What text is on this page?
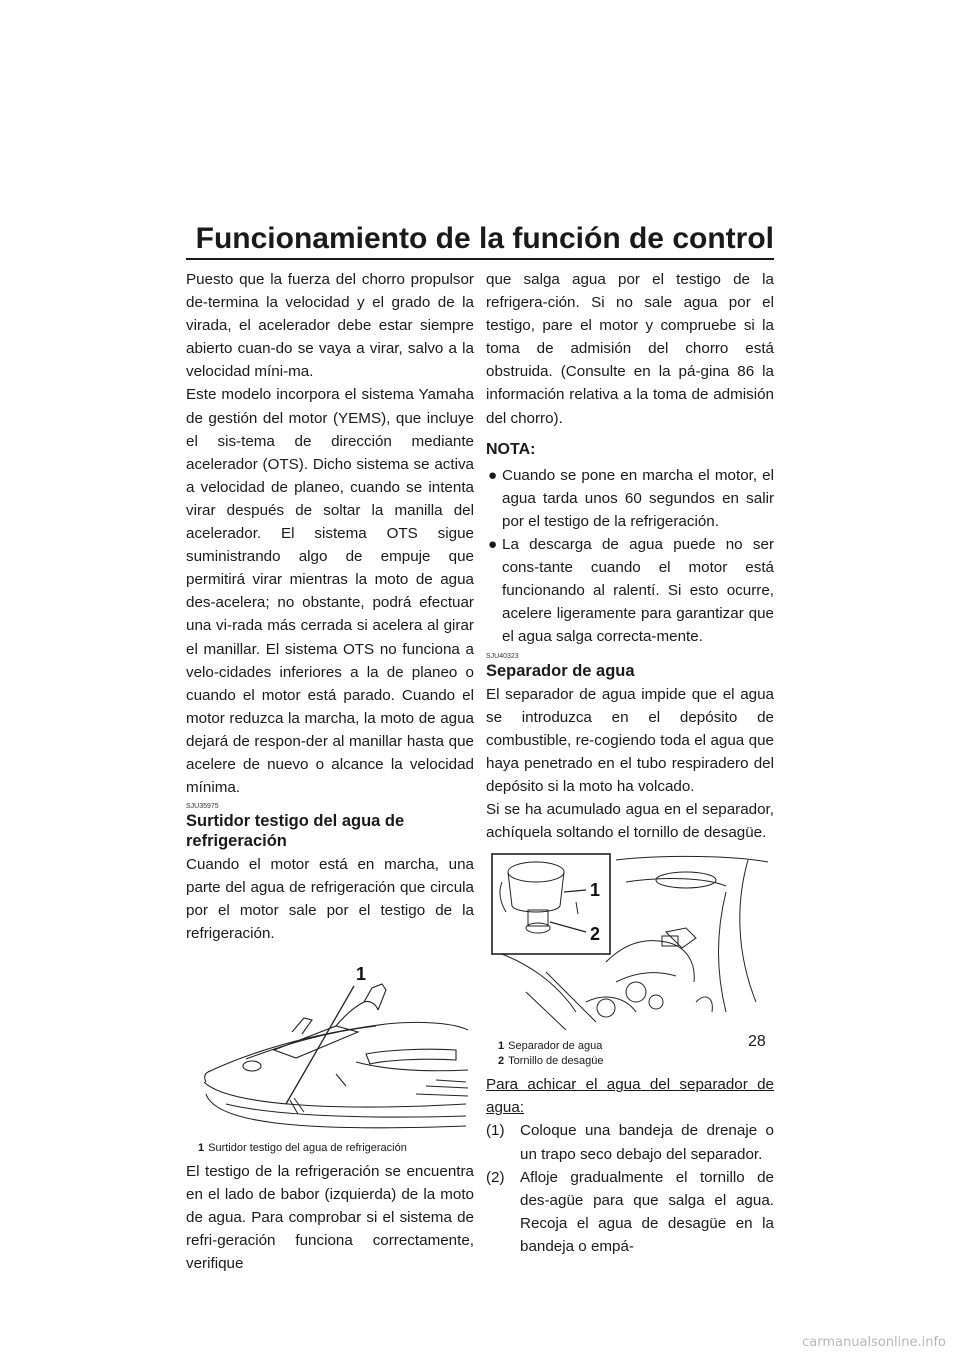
Funcionamiento de la función de control

Puesto que la fuerza del chorro propulsor de-termina la velocidad y el grado de la virada, el acelerador debe estar siempre abierto cuan-do se vaya a virar, salvo a la velocidad míni-ma.

Este modelo incorpora el sistema Yamaha de gestión del motor (YEMS), que incluye el sis-tema de dirección mediante acelerador (OTS). Dicho sistema se activa a velocidad de planeo, cuando se intenta virar después de soltar la manilla del acelerador. El sistema OTS sigue suministrando algo de empuje que permitirá virar mientras la moto de agua des-acelera; no obstante, podrá efectuar una vi-rada más cerrada si acelera al girar el manillar. El sistema OTS no funciona a velo-cidades inferiores a la de planeo o cuando el motor está parado. Cuando el motor reduzca la marcha, la moto de agua dejará de respon-der al manillar hasta que acelere de nuevo o alcance la velocidad mínima.

SJU35975
Surtidor testigo del agua de refrigeración

Cuando el motor está en marcha, una parte del agua de refrigeración que circula por el motor sale por el testigo de la refrigeración.

1
1 Surtidor testigo del agua de refrigeración

El testigo de la refrigeración se encuentra en el lado de babor (izquierda) de la moto de agua. Para comprobar si el sistema de refri-geración funciona correctamente, verifique

que salga agua por el testigo de la refrigera-ción. Si no sale agua por el testigo, pare el motor y compruebe si la toma de admisión del chorro está obstruida. (Consulte en la pá-gina 86 la información relativa a la toma de admisión del chorro).

NOTA:
● Cuando se pone en marcha el motor, el agua tarda unos 60 segundos en salir por el testigo de la refrigeración.
● La descarga de agua puede no ser cons-tante cuando el motor está funcionando al ralentí. Si esto ocurre, acelere ligeramente para garantizar que el agua salga correcta-mente.
SJU40323
Separador de agua

El separador de agua impide que el agua se introduzca en el depósito de combustible, re-cogiendo toda el agua que haya penetrado en el tubo respiradero del depósito si la moto ha volcado.

Si se ha acumulado agua en el separador, achíquela soltando el tornillo de desagüe.

1
2
1 Separador de agua
2 Tornillo de desagüe

Para achicar el agua del separador de agua:

(1) Coloque una bandeja de drenaje o un trapo seco debajo del separador.
(2) Afloje gradualmente el tornillo de des-agüe para que salga el agua. Recoja el agua de desagüe en la bandeja o empá-
28
carmanualsonline.info
